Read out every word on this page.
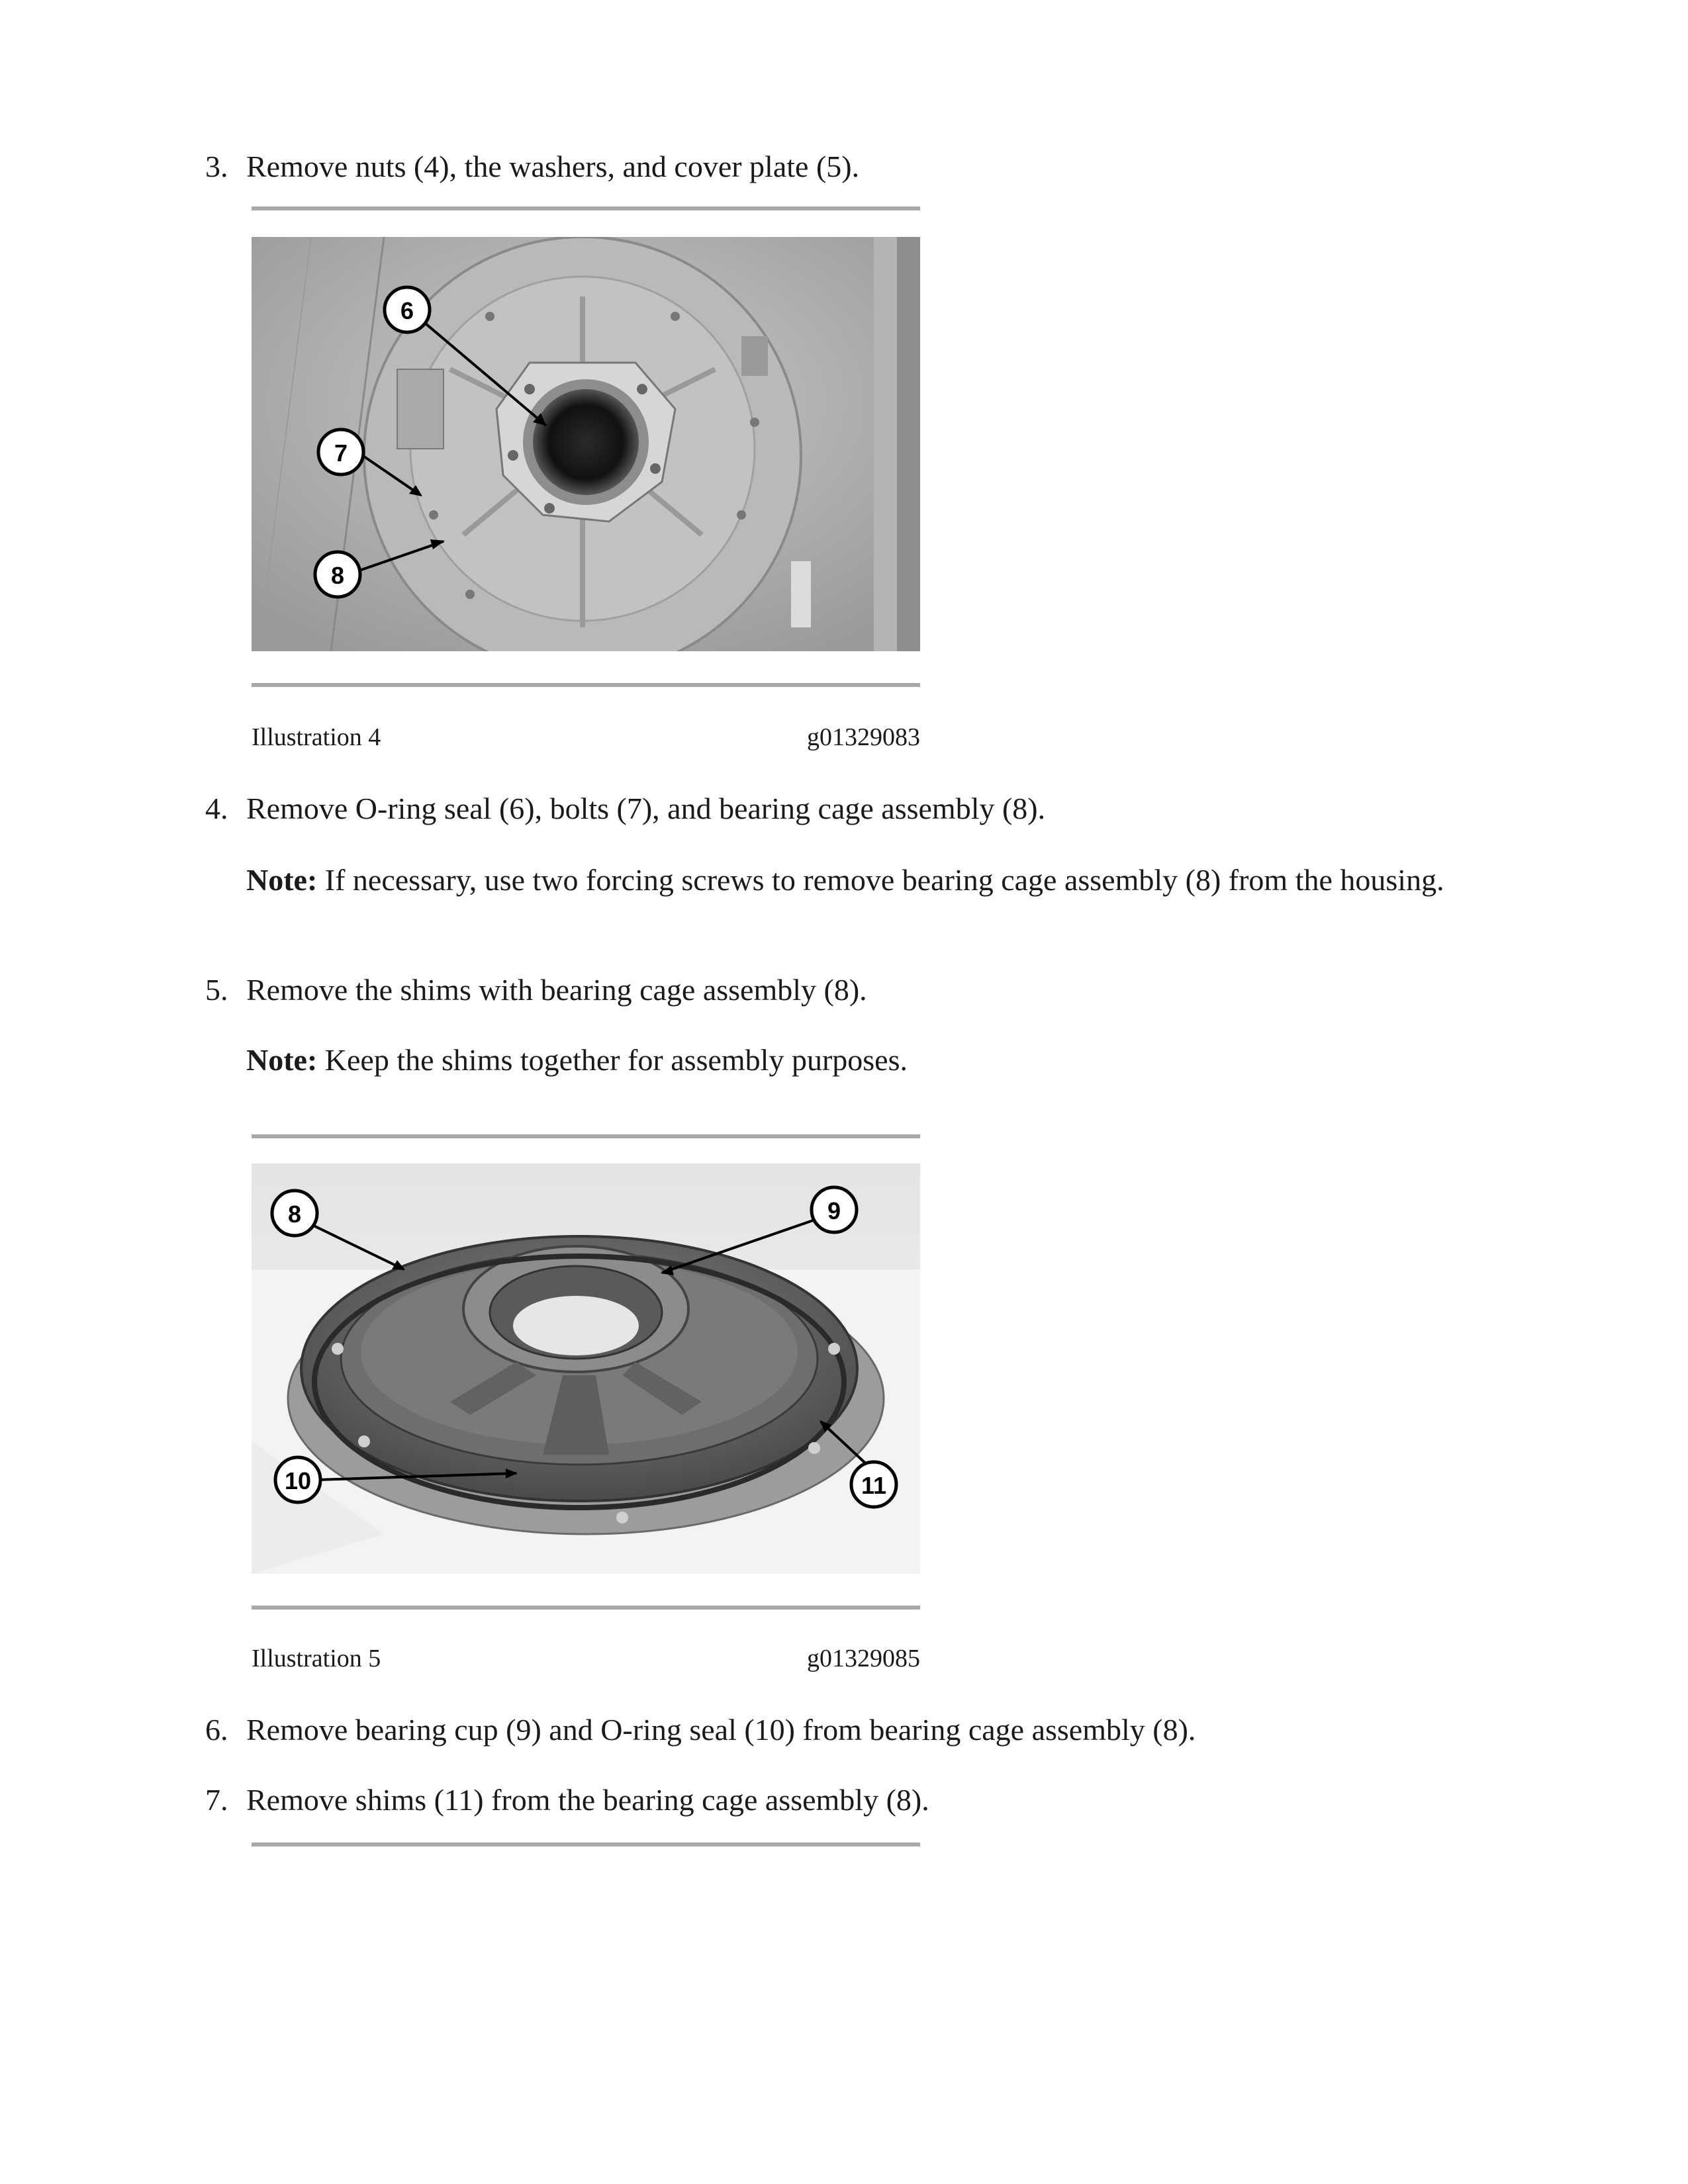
3. Remove nuts (4), the washers, and cover plate (5).
6
7
8
Illustration 4	g01329083
4. Remove O-ring seal (6), bolts (7), and bearing cage assembly (8).
Note: If necessary, use two forcing screws to remove bearing cage assembly (8) from the housing.
5. Remove the shims with bearing cage assembly (8).
Note: Keep the shims together for assembly purposes.
8	9
10	11
Illustration 5	g01329085
6. Remove bearing cup (9) and O-ring seal (10) from bearing cage assembly (8).
7. Remove shims (11) from the bearing cage assembly (8).
